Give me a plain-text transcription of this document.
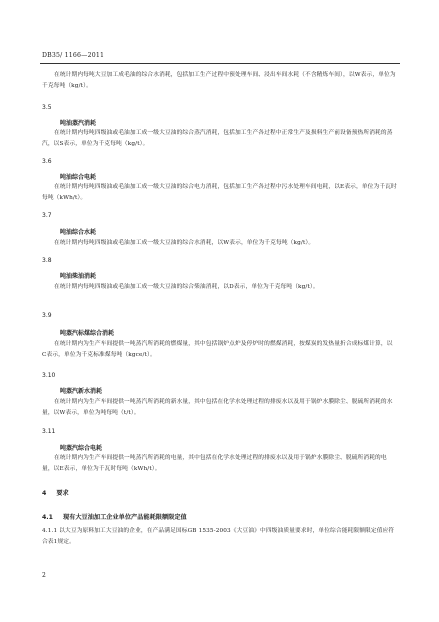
DB35/ 1166—2011
在统计期内每吨大豆加工成毛油的综合水消耗，包括加工生产过程中预处理车间、浸出车间水耗（不含精炼车间），以W表示，单位为千克每吨（kg/t）。
3.5
吨油蒸汽消耗
在统计期内每吨四级油或毛油加工成一级大豆油的综合蒸汽消耗，包括加工生产各过程中正常生产及损料生产前设备预热所消耗的蒸汽，以S表示，单位为千克每吨（kg/t）。
3.6
吨油综合电耗
在统计期内每吨四级油或毛油加工成一级大豆油的综合电力消耗，包括加工生产各过程中污水处理车间电耗，以E表示，单位为千瓦时每吨（kWh/t）。
3.7
吨油综合水耗
在统计期内每吨四级油或毛油加工成一级大豆油的综合水消耗，以W表示，单位为千克每吨（kg/t）。
3.8
吨油柴油消耗
在统计期内每吨四级油或毛油加工成一级大豆油的综合柴油消耗，以D表示，单位为千克每吨（kg/t）。
3.9
吨蒸汽标煤综合消耗
在统计期内为生产车间提供一吨蒸汽所消耗的燃煤量，其中包括锅炉点炉及停炉时的燃煤消耗，按煤炭的发热量折合成标煤计算，以C表示，单位为千克标准煤每吨（kgce/t）。
3.10
吨蒸汽新水消耗
在统计期内为生产车间提供一吨蒸汽所消耗的新水量，其中包括在化学水处理过程的排废水以及用于锅炉水膜除尘、脱硫所消耗的水量，以W表示，单位为吨每吨（t/t）。
3.11
吨蒸汽综合电耗
在统计期内为生产车间提供一吨蒸汽所消耗的电量，其中包括在化学水处理过程的排废水以及用于锅炉水膜除尘、脱硫所消耗的电量，以E表示，单位为千瓦时每吨（kWh/t）。
4 要求
4.1 现有大豆油加工企业单位产品能耗限额限定值
4.1.1 以大豆为原料加工大豆油的企业，在产品满足国标GB 1535-2003《大豆油》中四级油质量要求时，单位综合能耗限额限定值应符合表1规定。
2
